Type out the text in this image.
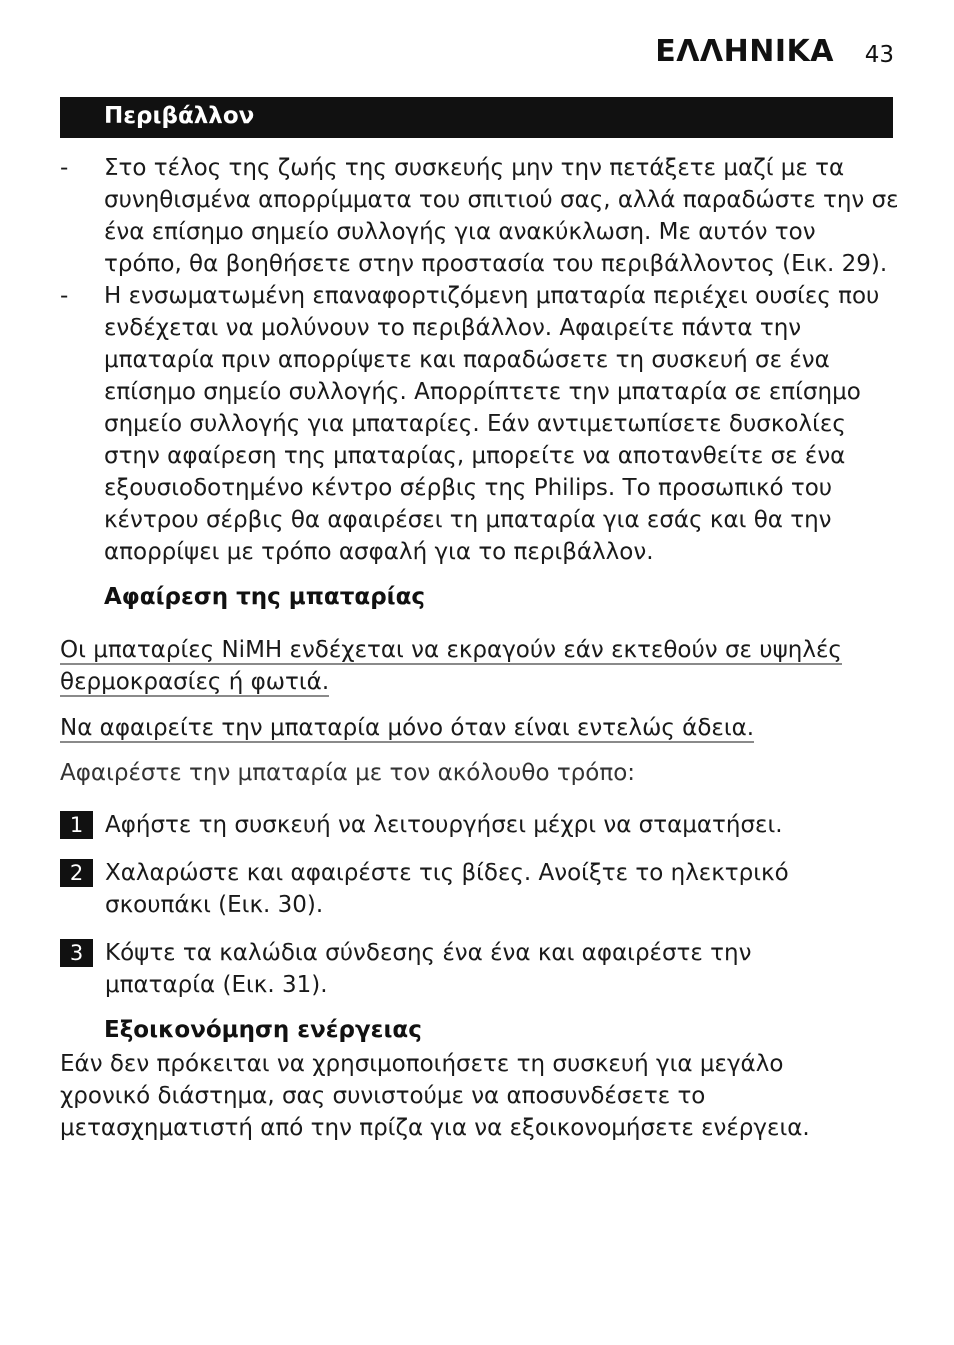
ΕΛΛΗΝΙΚΑ 43
Περιβάλλον
-	Στο τέλος της ζωής της συσκευής μην την πετάξετε μαζί με τα συνηθισμένα απορρίμματα του σπιτιού σας, αλλά παραδώστε την σε ένα επίσημο σημείο συλλογής για ανακύκλωση. Με αυτόν τον τρόπο, θα βοηθήσετε στην προστασία του περιβάλλοντος (Εικ. 29).
-	Η ενσωματωμένη επαναφορτιζόμενη μπαταρία περιέχει ουσίες που ενδέχεται να μολύνουν το περιβάλλον. Αφαιρείτε πάντα την μπαταρία πριν απορρίψετε και παραδώσετε τη συσκευή σε ένα επίσημο σημείο συλλογής. Απορρίπτετε την μπαταρία σε επίσημο σημείο συλλογής για μπαταρίες. Εάν αντιμετωπίσετε δυσκολίες στην αφαίρεση της μπαταρίας, μπορείτε να αποτανθείτε σε ένα εξουσιοδοτημένο κέντρο σέρβις της Philips. Το προσωπικό του κέντρου σέρβις θα αφαιρέσει τη μπαταρία για εσάς και θα την απορρίψει με τρόπο ασφαλή για το περιβάλλον.
Αφαίρεση της μπαταρίας
Οι μπαταρίες NiMH ενδέχεται να εκραγούν εάν εκτεθούν σε υψηλές θερμοκρασίες ή φωτιά.
Να αφαιρείτε την μπαταρία μόνο όταν είναι εντελώς άδεια.
Αφαιρέστε την μπαταρία με τον ακόλουθο τρόπο:
1 Αφήστε τη συσκευή να λειτουργήσει μέχρι να σταματήσει.
2 Χαλαρώστε και αφαιρέστε τις βίδες. Ανοίξτε το ηλεκτρικό σκουπάκι (Εικ. 30).
3 Κόψτε τα καλώδια σύνδεσης ένα ένα και αφαιρέστε την μπαταρία (Εικ. 31).
Εξοικονόμηση ενέργειας
Εάν δεν πρόκειται να χρησιμοποιήσετε τη συσκευή για μεγάλο χρονικό διάστημα, σας συνιστούμε να αποσυνδέσετε το μετασχηματιστή από την πρίζα για να εξοικονομήσετε ενέργεια.
